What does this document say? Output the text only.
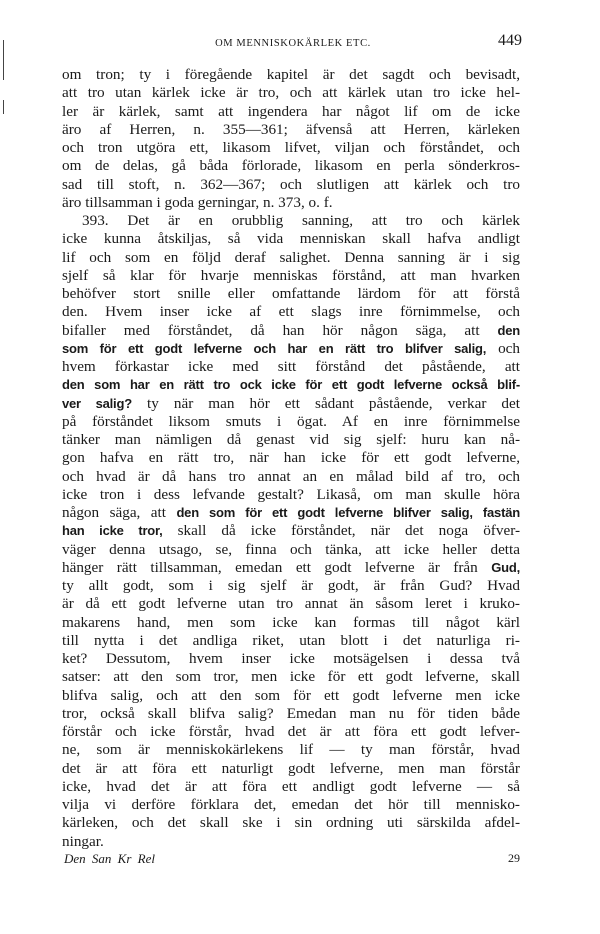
OM MENNISKOKÄRLEK ETC.	449
om tron; ty i föregående kapitel är det sagdt och bevisadt,
att tro utan kärlek icke är tro, och att kärlek utan tro icke hel-
ler är kärlek, samt att ingendera har något lif om de icke
äro af Herren, n. 355—361; äfvenså att Herren, kärleken
och tron utgöra ett, likasom lifvet, viljan och förståndet, och
om de delas, gå båda förlorade, likasom en perla sönderkros-
sad till stoft, n. 362—367; och slutligen att kärlek och tro
äro tillsamman i goda gerningar, n. 373, o. f.
393. Det är en orubblig sanning, att tro och kärlek
icke kunna åtskiljas, så vida menniskan skall hafva andligt
lif och som en följd deraf salighet. Denna sanning är i sig
sjelf så klar för hvarje menniskas förstånd, att man hvarken
behöfver stort snille eller omfattande lärdom för att förstå
den. Hvem inser icke af ett slags inre förnimmelse, och
bifaller med förståndet, då han hör någon säga, att den
som för ett godt lefverne och har en rätt tro blifver salig, och
hvem förkastar icke med sitt förstånd det påstående, att
den som har en rätt tro ock icke för ett godt lefverne också blif-
ver salig? ty när man hör ett sådant påstående, verkar det
på förståndet liksom smuts i ögat. Af en inre förnimmelse
tänker man nämligen då genast vid sig sjelf: huru kan nå-
gon hafva en rätt tro, när han icke för ett godt lefverne,
och hvad är då hans tro annat an en målad bild af tro, och
icke tron i dess lefvande gestalt? Likaså, om man skulle höra
någon säga, att den som för ett godt lefverne blifver salig, fastän
han icke tror, skall då icke förståndet, när det noga öfver-
väger denna utsago, se, finna och tänka, att icke heller detta
hänger rätt tillsamman, emedan ett godt lefverne är från Gud,
ty allt godt, som i sig sjelf är godt, är från Gud? Hvad
är då ett godt lefverne utan tro annat än såsom leret i kruko-
makarens hand, men som icke kan formas till något kärl
till nytta i det andliga riket, utan blott i det naturliga ri-
ket? Dessutom, hvem inser icke motsägelsen i dessa två
satser: att den som tror, men icke för ett godt lefverne, skall
blifva salig, och att den som för ett godt lefverne men icke
tror, också skall blifva salig? Emedan man nu för tiden både
förstår och icke förstår, hvad det är att föra ett godt lefver-
ne, som är menniskokärlekens lif — ty man förstår, hvad
det är att föra ett naturligt godt lefverne, men man förstår
icke, hvad det är att föra ett andligt godt lefverne — så
vilja vi derföre förklara det, emedan det hör till menniskо-
kärleken, och det skall ske i sin ordning uti särskilda afdel-
ningar.
Den San Kr Rel	29
